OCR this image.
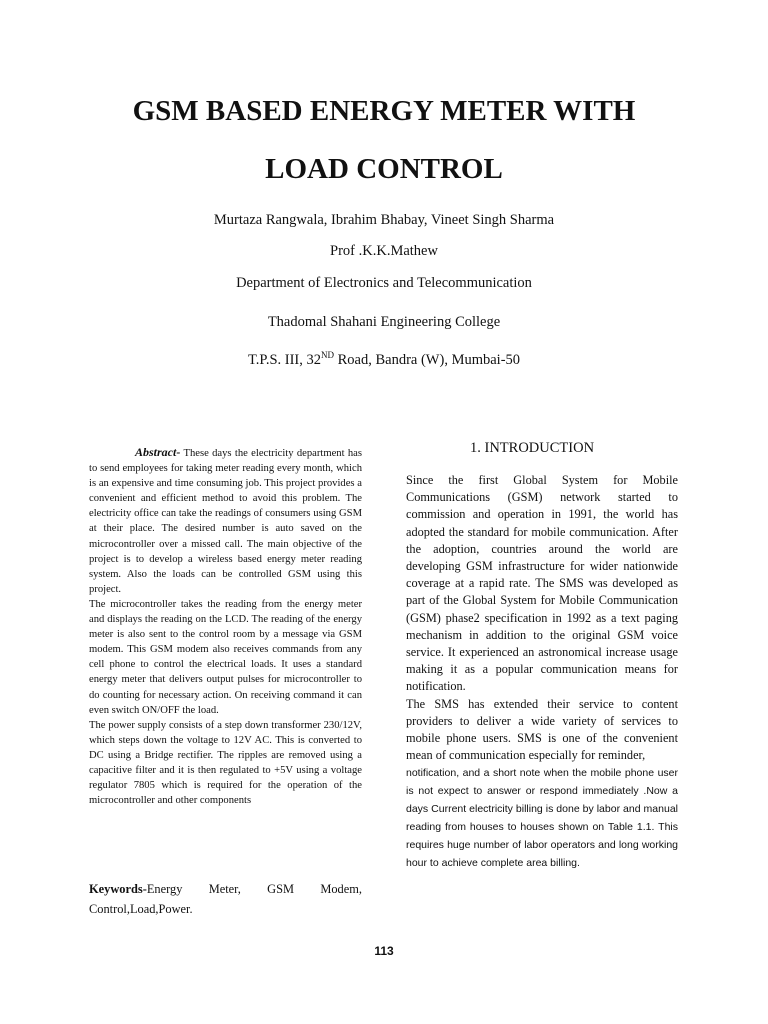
GSM BASED ENERGY METER WITH
LOAD CONTROL
Murtaza Rangwala, Ibrahim Bhabay, Vineet Singh Sharma
Prof .K.K.Mathew
Department of Electronics and Telecommunication
Thadomal Shahani Engineering College
T.P.S. III, 32ND Road, Bandra (W), Mumbai-50

Abstract- These days the electricity department has to send employees for taking meter reading every month, which is an expensive and time consuming job. This project provides a convenient and efficient method to avoid this problem. The electricity office can take the readings of consumers using GSM at their place. The desired number is auto saved on the microcontroller over a missed call. The main objective of the project is to develop a wireless based energy meter reading system. Also the loads can be controlled GSM using this project.

The microcontroller takes the reading from the energy meter and displays the reading on the LCD. The reading of the energy meter is also sent to the control room by a message via GSM modem. This GSM modem also receives commands from any cell phone to control the electrical loads. It uses a standard energy meter that delivers output pulses for microcontroller to do counting for necessary action. On receiving command it can even switch ON/OFF the load.

The power supply consists of a step down transformer 230/12V, which steps down the voltage to 12V AC. This is converted to DC using a Bridge rectifier. The ripples are removed using a capacitive filter and it is then regulated to +5V using a voltage regulator 7805 which is required for the operation of the microcontroller and other components

Keywords-Energy Meter, GSM Modem, Control,Load,Power.
1. INTRODUCTION

Since the first Global System for Mobile Communications (GSM) network started to commission and operation in 1991, the world has adopted the standard for mobile communication. After the adoption, countries around the world are developing GSM infrastructure for wider nationwide coverage at a rapid rate. The SMS was developed as part of the Global System for Mobile Communication (GSM) phase2 specification in 1992 as a text paging mechanism in addition to the original GSM voice service. It experienced an astronomical increase usage making it as a popular communication means for notification.

The SMS has extended their service to content providers to deliver a wide variety of services to mobile phone users. SMS is one of the convenient mean of communication especially for reminder,

notification, and a short note when the mobile phone user is not expect to answer or respond immediately .Now a days Current electricity billing is done by labor and manual reading from houses to houses shown on Table 1.1. This requires huge number of labor operators and long working hour to achieve complete area billing.

113
